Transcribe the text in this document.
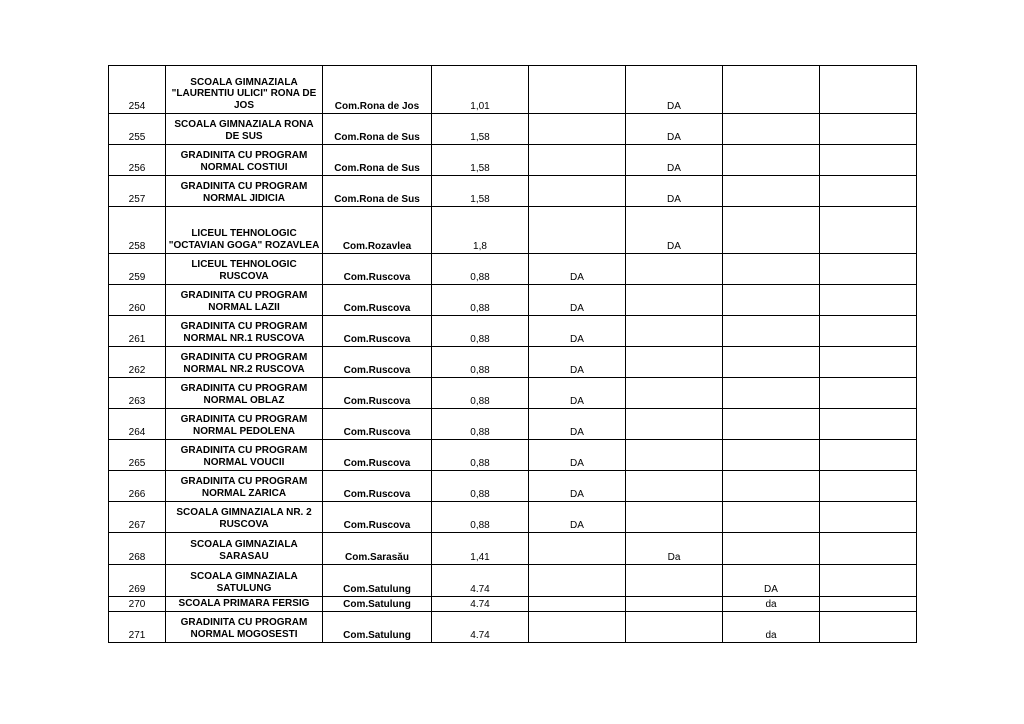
254	SCOALA GIMNAZIALA "LAURENTIU ULICI" RONA DE JOS	Com.Rona de Jos	1,01		DA		
255	SCOALA GIMNAZIALA RONA DE SUS	Com.Rona de Sus	1,58		DA		
256	GRADINITA CU PROGRAM NORMAL COSTIUI	Com.Rona de Sus	1,58		DA		
257	GRADINITA CU PROGRAM NORMAL JIDICIA	Com.Rona de Sus	1,58		DA		
258	LICEUL TEHNOLOGIC "OCTAVIAN GOGA" ROZAVLEA	Com.Rozavlea	1,8		DA		
259	LICEUL TEHNOLOGIC RUSCOVA	Com.Ruscova	0,88	DA			
260	GRADINITA CU PROGRAM NORMAL LAZII	Com.Ruscova	0,88	DA			
261	GRADINITA CU PROGRAM NORMAL NR.1 RUSCOVA	Com.Ruscova	0,88	DA			
262	GRADINITA CU PROGRAM NORMAL NR.2 RUSCOVA	Com.Ruscova	0,88	DA			
263	GRADINITA CU PROGRAM NORMAL OBLAZ	Com.Ruscova	0,88	DA			
264	GRADINITA CU PROGRAM NORMAL PEDOLENA	Com.Ruscova	0,88	DA			
265	GRADINITA CU PROGRAM NORMAL VOUCII	Com.Ruscova	0,88	DA			
266	GRADINITA CU PROGRAM NORMAL ZARICA	Com.Ruscova	0,88	DA			
267	SCOALA GIMNAZIALA NR. 2 RUSCOVA	Com.Ruscova	0,88	DA			
268	SCOALA GIMNAZIALA SARASAU	Com.Sarasău	1,41		Da		
269	SCOALA GIMNAZIALA SATULUNG	Com.Satulung	4.74			DA	
270	SCOALA PRIMARA FERSIG	Com.Satulung	4.74			da	
271	GRADINITA CU PROGRAM NORMAL MOGOSESTI	Com.Satulung	4.74			da	
